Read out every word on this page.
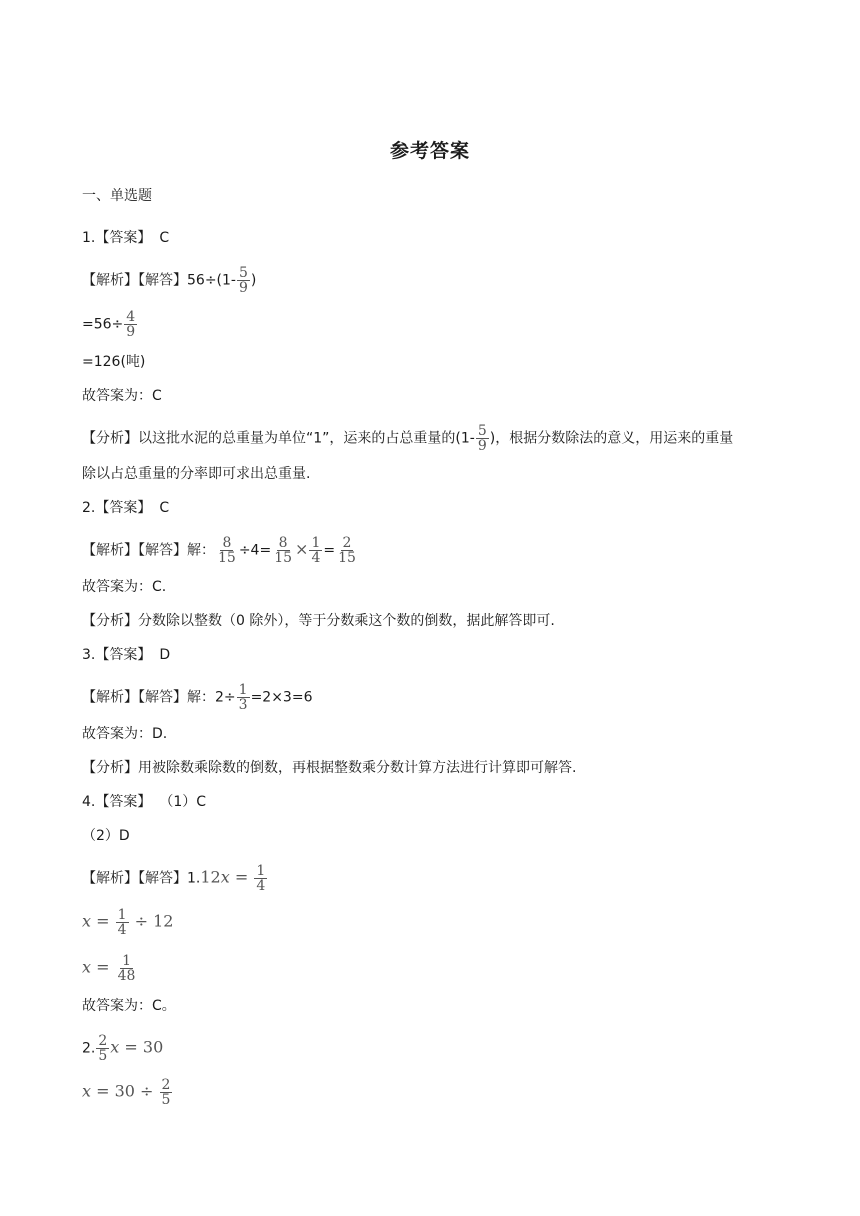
参考答案
一、单选题
1.【答案】 C
【解析】【解答】$56\div(1- \frac{5}{9}$ )
$=56\div \frac{4}{9}$
=126(吨)
故答案为：C
【分析】以这批水泥的总重量为单位“1”，运来的占总重量的($1- \frac{5}{9}$ )，根据分数除法的意义，用运来的重量
除以占总重量的分率即可求出总重量.
2.【答案】 C
【解析】【解答】解： $\frac{8}{15} \div 4= \frac{8}{15} \times \frac{1}{4} = \frac{2}{15}$
故答案为：C.
【分析】分数除以整数（0 除外），等于分数乘这个数的倒数，据此解答即可.
3.【答案】 D
【解析】【解答】解：$2\div \frac{1}{3} =2\times 3=6$
故答案为：D.
【分析】用被除数乘除数的倒数，再根据整数乘分数计算方法进行计算即可解答.
4.【答案】 （1）C
（2）D
【解析】【解答】$1.12x = \frac{1}{4}$
$x = \frac{1}{4} \div 12$
$x = \frac{1}{48}$
故答案为：C。
2. $\frac{2}{5}$ x = 30
$x = 30 \div \frac{2}{5}$
